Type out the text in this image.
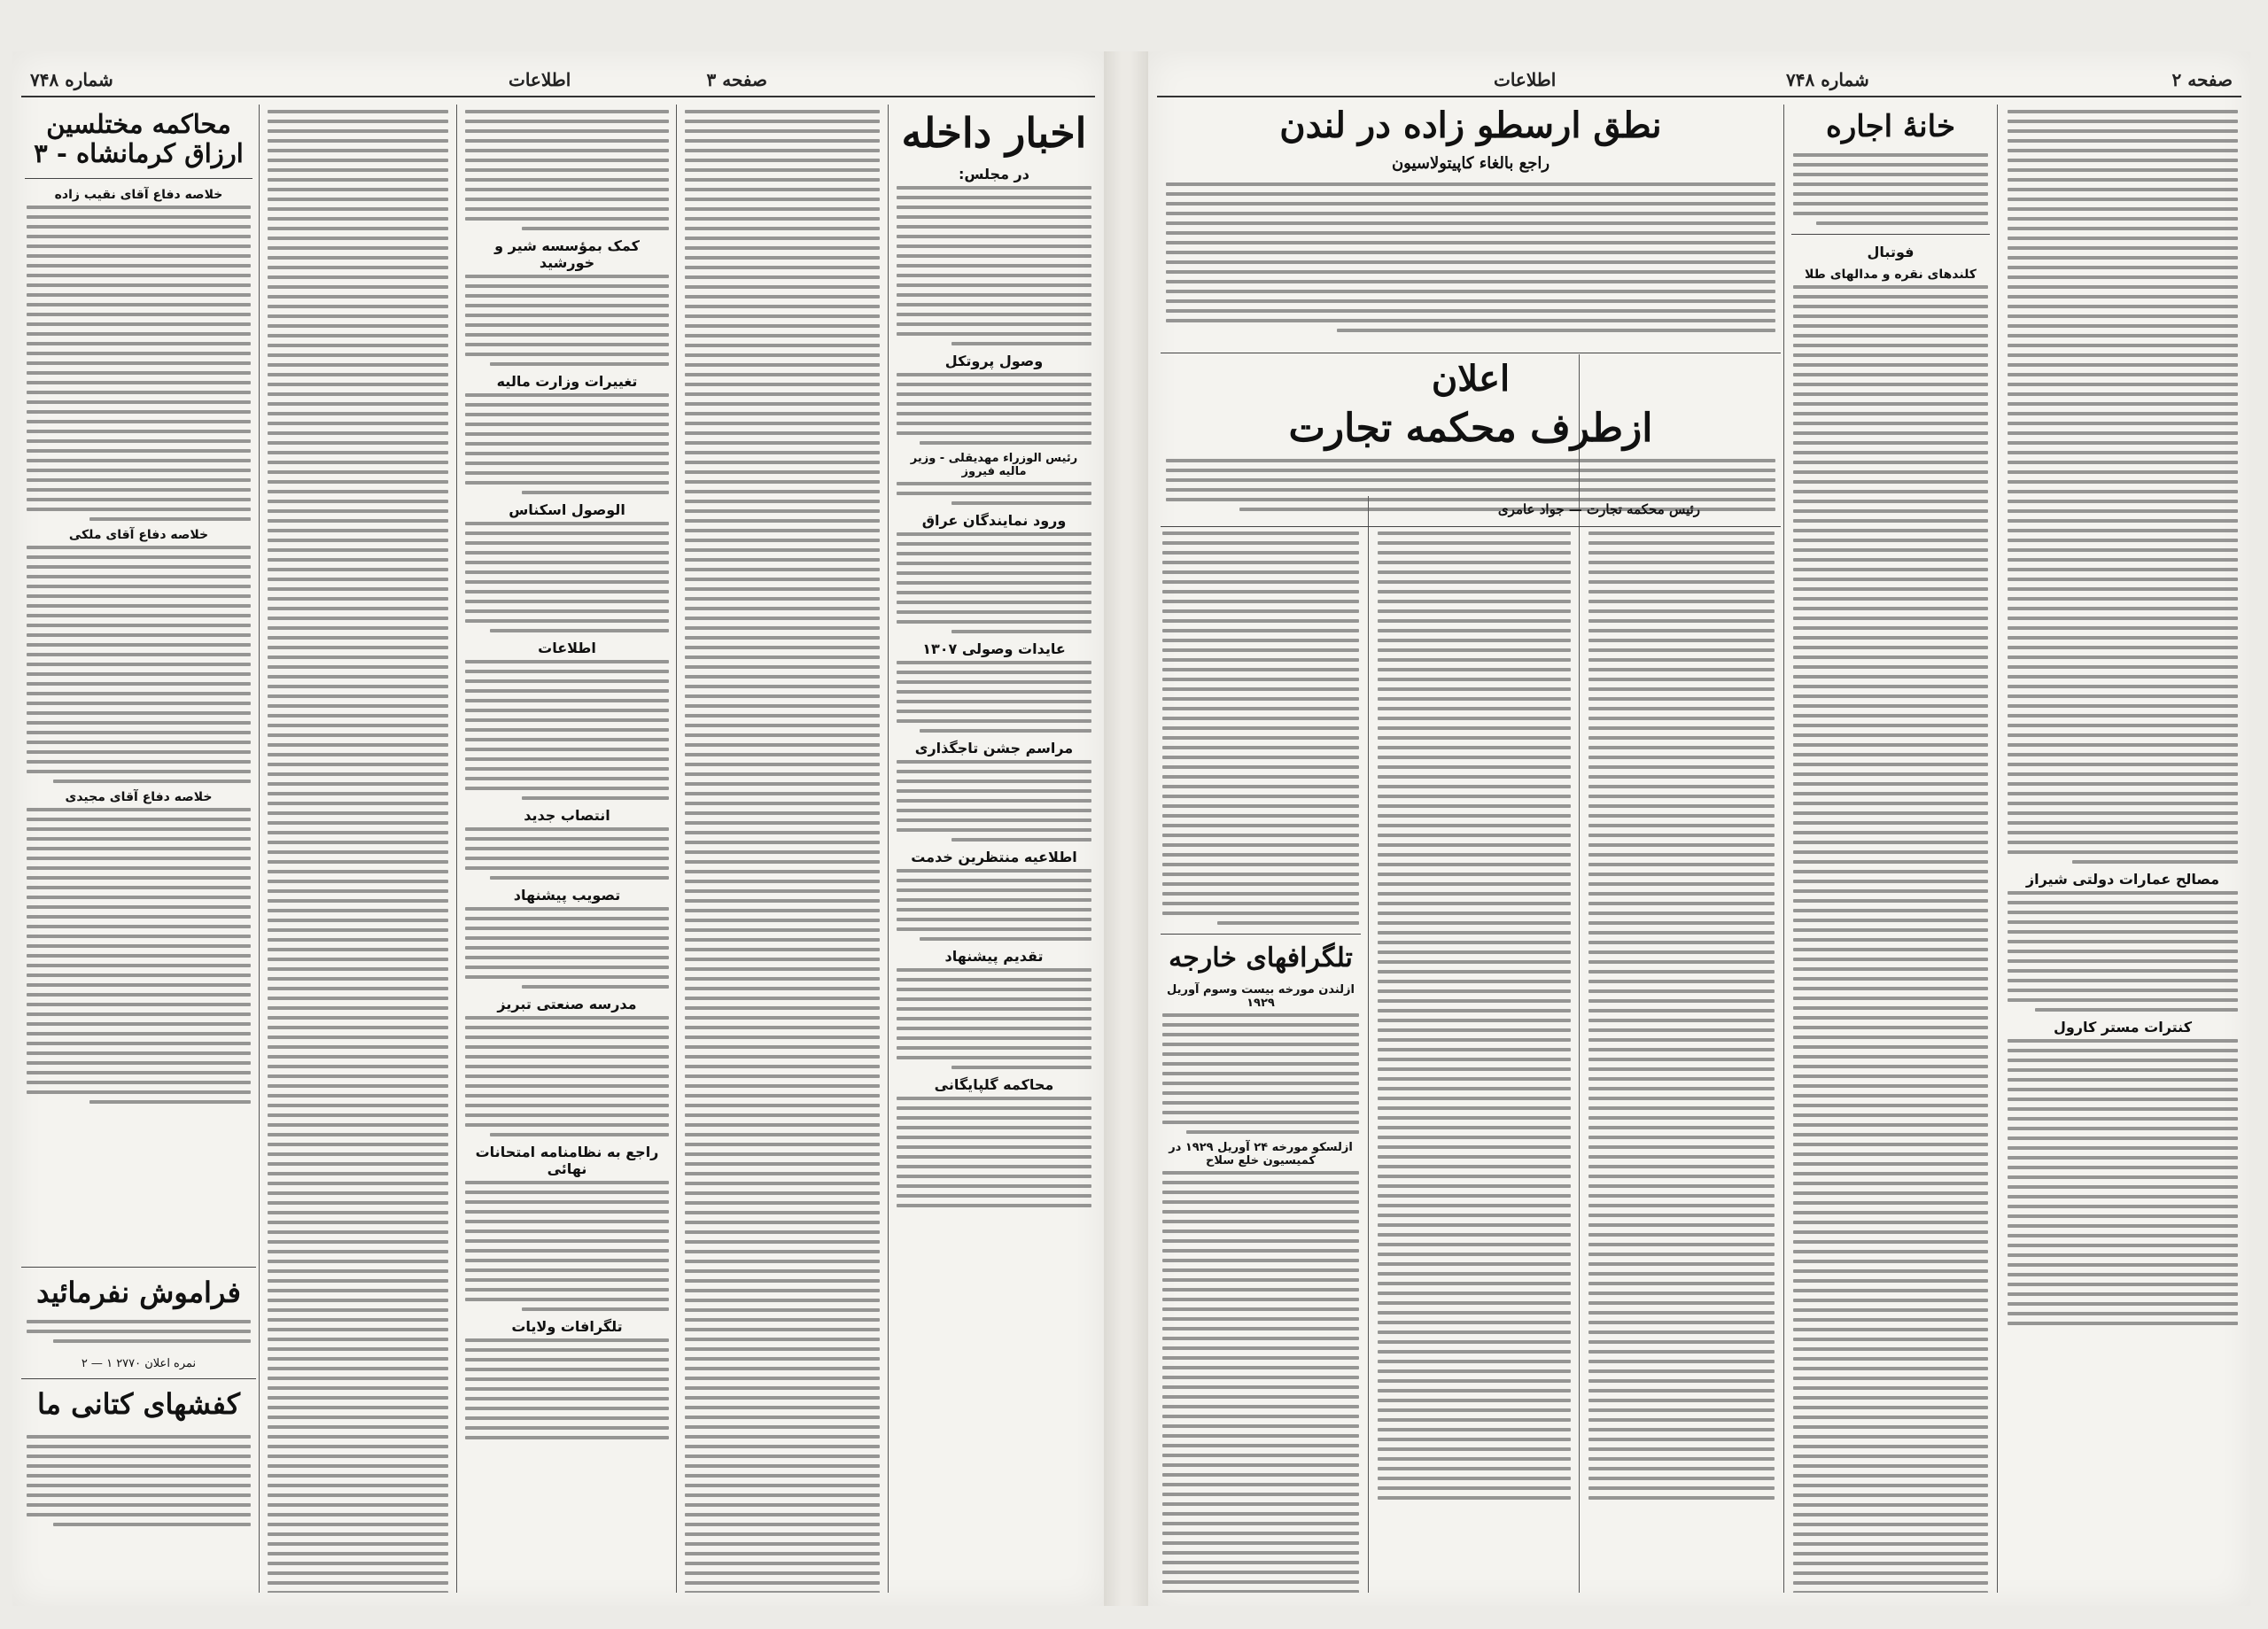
صفحه ۳
اطلاعات
شماره ۷۴۸	صفحه ۲
اطلاعات	شماره ۷۴۸
اخبار داخله
در مجلس:
وصول پروتکل
رئیس الوزراء مهدیقلی - وزیر مالیه فیروز
ورود نمایندگان عراق
عایدات وصولی ۱۳۰۷
مراسم جشن تاجگذاری
اطلاعیه منتظرین خدمت
تقدیم پیشنهاد
محاکمه گلپایگانی
کمک بمؤسسه شیر و خورشید
تغییرات وزارت مالیه
الوصول اسکناس
اطلاعات
انتصاب جدید
تصویب پیشنهاد
مدرسه صنعتی تبریز
راجع به نظامنامه امتحانات نهائی
تلگرافات ولایات
محاکمه مختلسین ارزاق کرمانشاه - ۳
خلاصه دفاع آقای نقیب زاده
خلاصه دفاع آقای ملکی
خلاصه دفاع آقای مجیدی
فراموش نفرمائید
نمره اعلان ۲۷۷۰ ۱ — ۲
کفشهای کتانی ما
مصالح عمارات دولتی شیراز
کنترات مستر کارول
خانهٔ اجاره
فوتبال
کلندهای نقره و مدالهای طلا
نطق ارسطو زاده در لندن
راجع بالغاء کاپیتولاسیون
اعلان
ازطرف محکمه تجارت
رئیس محکمه تجارت — جواد عامری
تلگرافهای خارجه
ازلندن مورخه بیست وسوم آوریل ۱۹۲۹
ازلسکو مورخه ۲۴ آوریل ۱۹۲۹ در کمیسیون خلع سلاح
